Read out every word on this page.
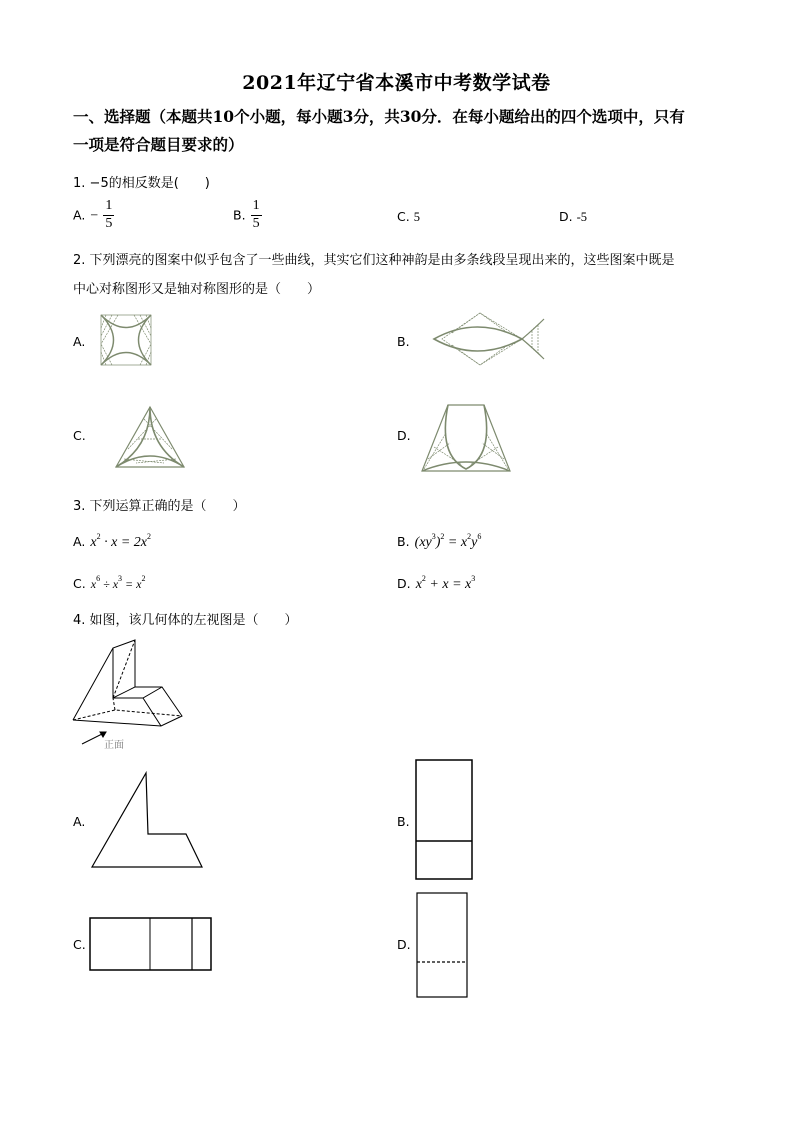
2021年辽宁省本溪市中考数学试卷
一、选择题（本题共10个小题，每小题3分，共30分．在每小题给出的四个选项中，只有
一项是符合题目要求的）
1. −5的相反数是(　　)
A. − $\frac{1}{5}$	B. $\frac{1}{5}$	C. 5	D. -5
2. 下列漂亮的图案中似乎包含了一些曲线，其实它们这种神韵是由多条线段呈现出来的，这些图案中既是
中心对称图形又是轴对称图形的是（　　）
A.	B.
C.	D.
3. 下列运算正确的是（　　）
A. $x^2 \cdot x = 2x^2$	B. $(xy^3)^2 = x^2y^6$
C. $x^6 \div x^3 = x^2$	D. $x^2 + x = x^3$
4. 如图，该几何体的左视图是（　　）
正面
A.	B.
C.	D.
